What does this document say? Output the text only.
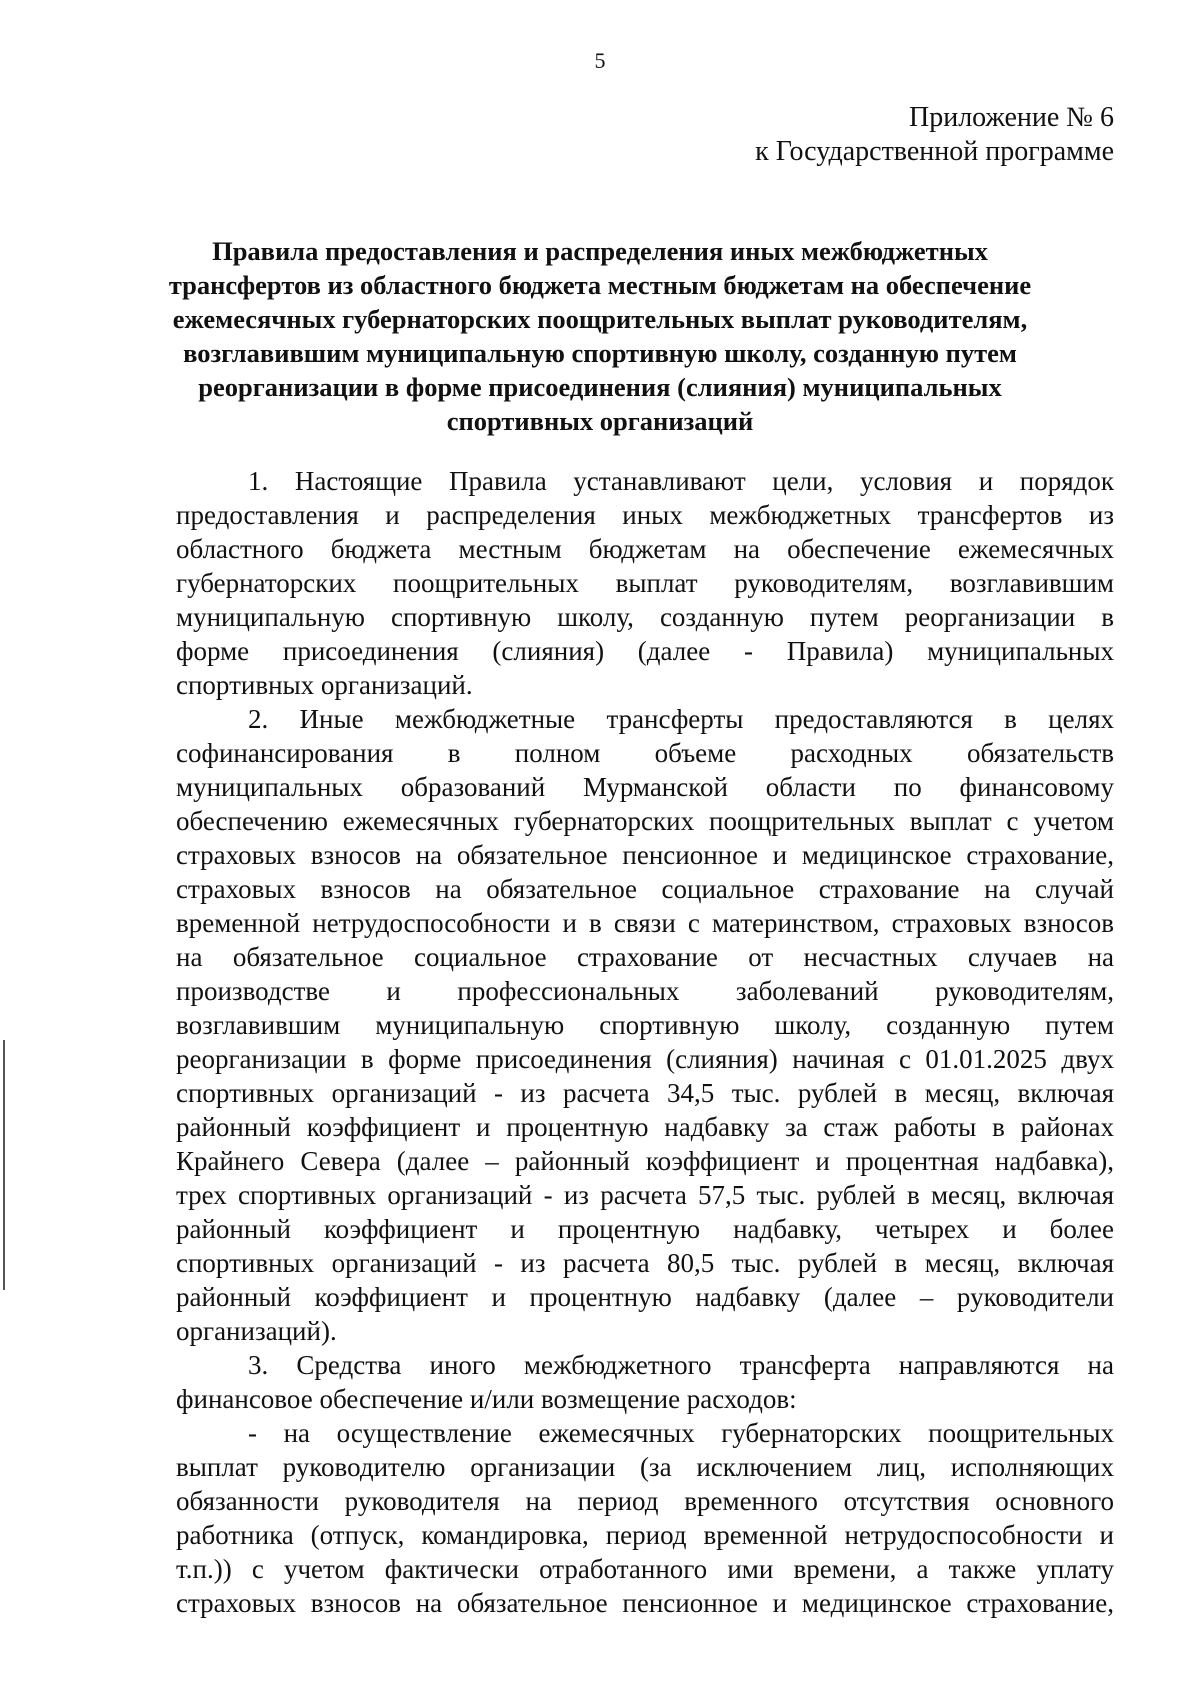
5
Приложение № 6
к Государственной программе
Правила предоставления и распределения иных межбюджетных
трансфертов из областного бюджета местным бюджетам на обеспечение
ежемесячных губернаторских поощрительных выплат руководителям,
возглавившим муниципальную спортивную школу, созданную путем
реорганизации в форме присоединения (слияния) муниципальных
спортивных организаций
1. Настоящие Правила устанавливают цели, условия и порядок
предоставления и распределения иных межбюджетных трансфертов из
областного бюджета местным бюджетам на обеспечение ежемесячных
губернаторских поощрительных выплат руководителям, возглавившим
муниципальную спортивную школу, созданную путем реорганизации в
форме присоединения (слияния) (далее - Правила) муниципальных
спортивных организаций.
2. Иные межбюджетные трансферты предоставляются в целях
софинансирования в полном объеме расходных обязательств
муниципальных образований Мурманской области по финансовому
обеспечению ежемесячных губернаторских поощрительных выплат с учетом
страховых взносов на обязательное пенсионное и медицинское страхование,
страховых взносов на обязательное социальное страхование на случай
временной нетрудоспособности и в связи с материнством, страховых взносов
на обязательное социальное страхование от несчастных случаев на
производстве и профессиональных заболеваний руководителям,
возглавившим муниципальную спортивную школу, созданную путем
реорганизации в форме присоединения (слияния) начиная с 01.01.2025 двух
спортивных организаций - из расчета 34,5 тыс. рублей в месяц, включая
районный коэффициент и процентную надбавку за стаж работы в районах
Крайнего Севера (далее – районный коэффициент и процентная надбавка),
трех спортивных организаций - из расчета 57,5 тыс. рублей в месяц, включая
районный коэффициент и процентную надбавку, четырех и более
спортивных организаций - из расчета 80,5 тыс. рублей в месяц, включая
районный коэффициент и процентную надбавку (далее – руководители
организаций).
3. Средства иного межбюджетного трансферта направляются на
финансовое обеспечение и/или возмещение расходов:
- на осуществление ежемесячных губернаторских поощрительных
выплат руководителю организации (за исключением лиц, исполняющих
обязанности руководителя на период временного отсутствия основного
работника (отпуск, командировка, период временной нетрудоспособности и
т.п.)) с учетом фактически отработанного ими времени, а также уплату
страховых взносов на обязательное пенсионное и медицинское страхование,
